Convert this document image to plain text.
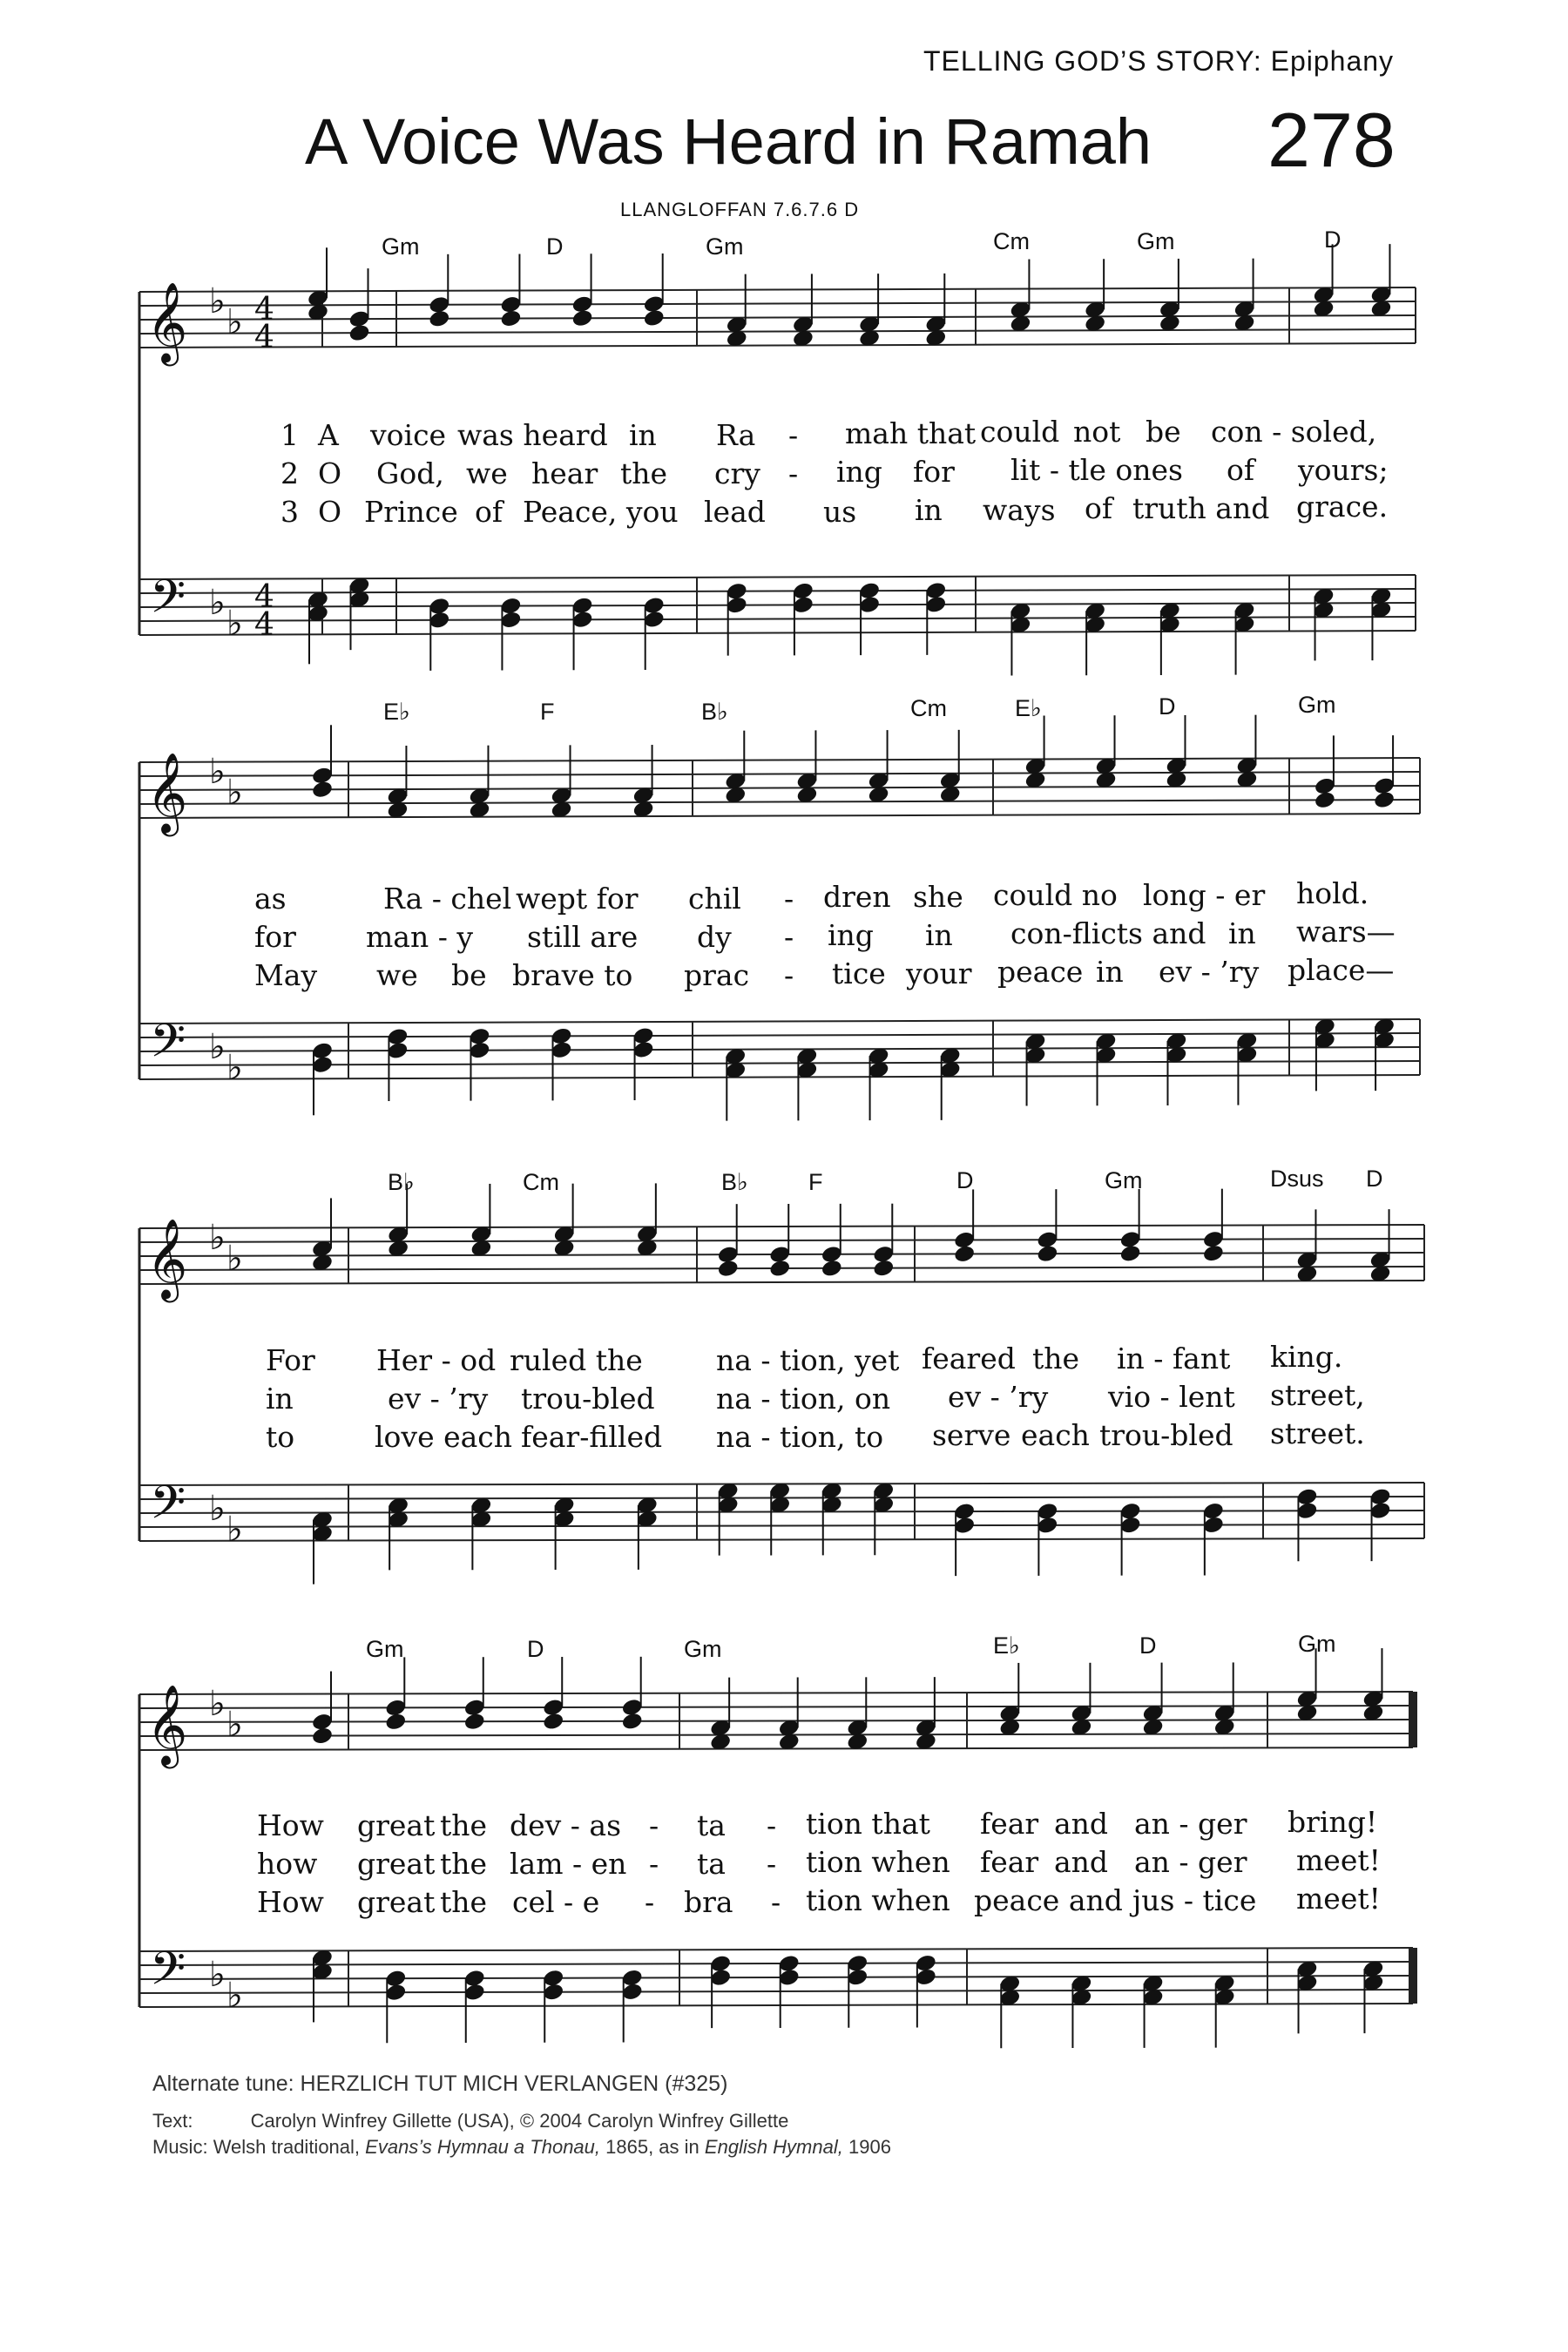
TELLING GOD’S STORY: Epiphany
A Voice Was Heard in Ramah 278
LLANGLOFFAN 7.6.7.6 D
𝄞
𝄢
♭
♭
♭
♭
4
4
4
4
𝄞
𝄢
♭
♭
♭
♭
𝄞
𝄢
♭
♭
♭
♭
𝄞
𝄢
♭
♭
♭
♭
Gm	D	Gm	Cm	Gm	D
1 A voice was heard in Ra - mah that could not be con - soled,
2 O God, we hear the cry - ing for lit - tle ones of yours;
3 O Prince of Peace, you lead us in ways of truth and grace.
E♭	F	B♭	Cm	E♭	D	Gm
as	Ra - chel wept for chil - dren she could no long - er hold.
for man - y still are dy - ing in con-flicts and in wars—
May we be brave to prac - tice your peace in ev - ’ry place—
B♭	Cm	B♭	F	D	Gm	Dsus D
For Her - od ruled the	na - tion, yet feared the in - fant king.
in	ev - ’ry trou-bled na - tion, on ev - ’ry vio - lent street,
to	love each fear-filled na - tion, to serve each trou-bled street.
Gm	D	Gm	E♭	D	Gm
How great the dev - as - ta - tion that fear and an - ger bring!
how great the lam - en - ta - tion when fear and an - ger meet!
How great the cel - e - bra - tion when peace and jus - tice meet!
Alternate tune: HERZLICH TUT MICH VERLANGEN (#325)
Text:	Carolyn Winfrey Gillette (USA), © 2004 Carolyn Winfrey Gillette
Music: Welsh traditional, Evans’s Hymnau a Thonau, 1865, as in English Hymnal, 1906
